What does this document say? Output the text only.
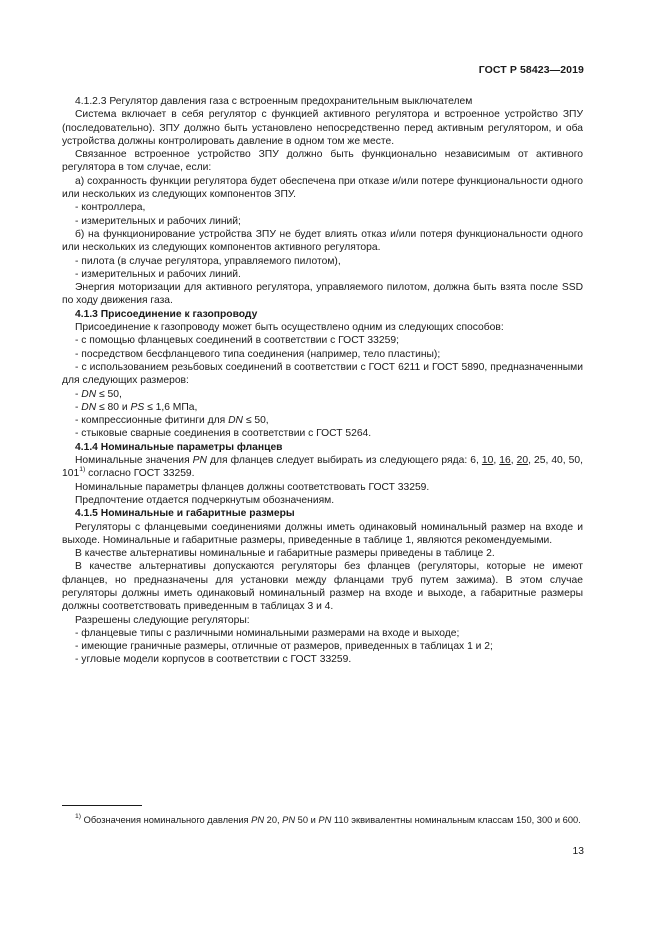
ГОСТ Р 58423—2019

4.1.2.3 Регулятор давления газа с встроенным предохранительным выключателем

Система включает в себя регулятор с функцией активного регулятора и встроенное устройство ЗПУ (последовательно). ЗПУ должно быть установлено непосредственно перед активным регулятором, и оба устройства должны контролировать давление в одном том же месте.

Связанное встроенное устройство ЗПУ должно быть функционально независимым от активного регулятора в том случае, если:

а) сохранность функции регулятора будет обеспечена при отказе и/или потере функциональности одного или нескольких из следующих компонентов ЗПУ.

- контроллера,

- измерительных и рабочих линий;

б) на функционирование устройства ЗПУ не будет влиять отказ и/или потеря функциональности одного или нескольких из следующих компонентов активного регулятора.

- пилота (в случае регулятора, управляемого пилотом),

- измерительных и рабочих линий.

Энергия моторизации для активного регулятора, управляемого пилотом, должна быть взята после SSD по ходу движения газа.

4.1.3 Присоединение к газопроводу

Присоединение к газопроводу может быть осуществлено одним из следующих способов:

- с помощью фланцевых соединений в соответствии с ГОСТ 33259;

- посредством бесфланцевого типа соединения (например, тело пластины);

- с использованием резьбовых соединений в соответствии с ГОСТ 6211 и ГОСТ 5890, предназначенными для следующих размеров:

- DN ≤ 50,

- DN ≤ 80 и PS ≤ 1,6 МПа,

- компрессионные фитинги для DN ≤ 50,

- стыковые сварные соединения в соответствии с ГОСТ 5264.

4.1.4 Номинальные параметры фланцев

Номинальные значения PN для фланцев следует выбирать из следующего ряда: 6, 10, 16, 20, 25, 40, 50, 101$^{1)}$ согласно ГОСТ 33259.

Номинальные параметры фланцев должны соответствовать ГОСТ 33259.

Предпочтение отдается подчеркнутым обозначениям.

4.1.5 Номинальные и габаритные размеры

Регуляторы с фланцевыми соединениями должны иметь одинаковый номинальный размер на входе и выходе. Номинальные и габаритные размеры, приведенные в таблице 1, являются рекомендуемыми.

В качестве альтернативы номинальные и габаритные размеры приведены в таблице 2.

В качестве альтернативы допускаются регуляторы без фланцев (регуляторы, которые не имеют фланцев, но предназначены для установки между фланцами труб путем зажима). В этом случае регуляторы должны иметь одинаковый номинальный размер на входе и выходе, а габаритные размеры должны соответствовать приведенным в таблицах 3 и 4.

Разрешены следующие регуляторы:

- фланцевые типы с различными номинальными размерами на входе и выходе;

- имеющие граничные размеры, отличные от размеров, приведенных в таблицах 1 и 2;

- угловые модели корпусов в соответствии с ГОСТ 33259.

$^{1)}$ Обозначения номинального давления PN 20, PN 50 и PN 110 эквивалентны номинальным классам 150, 300 и 600.
13
